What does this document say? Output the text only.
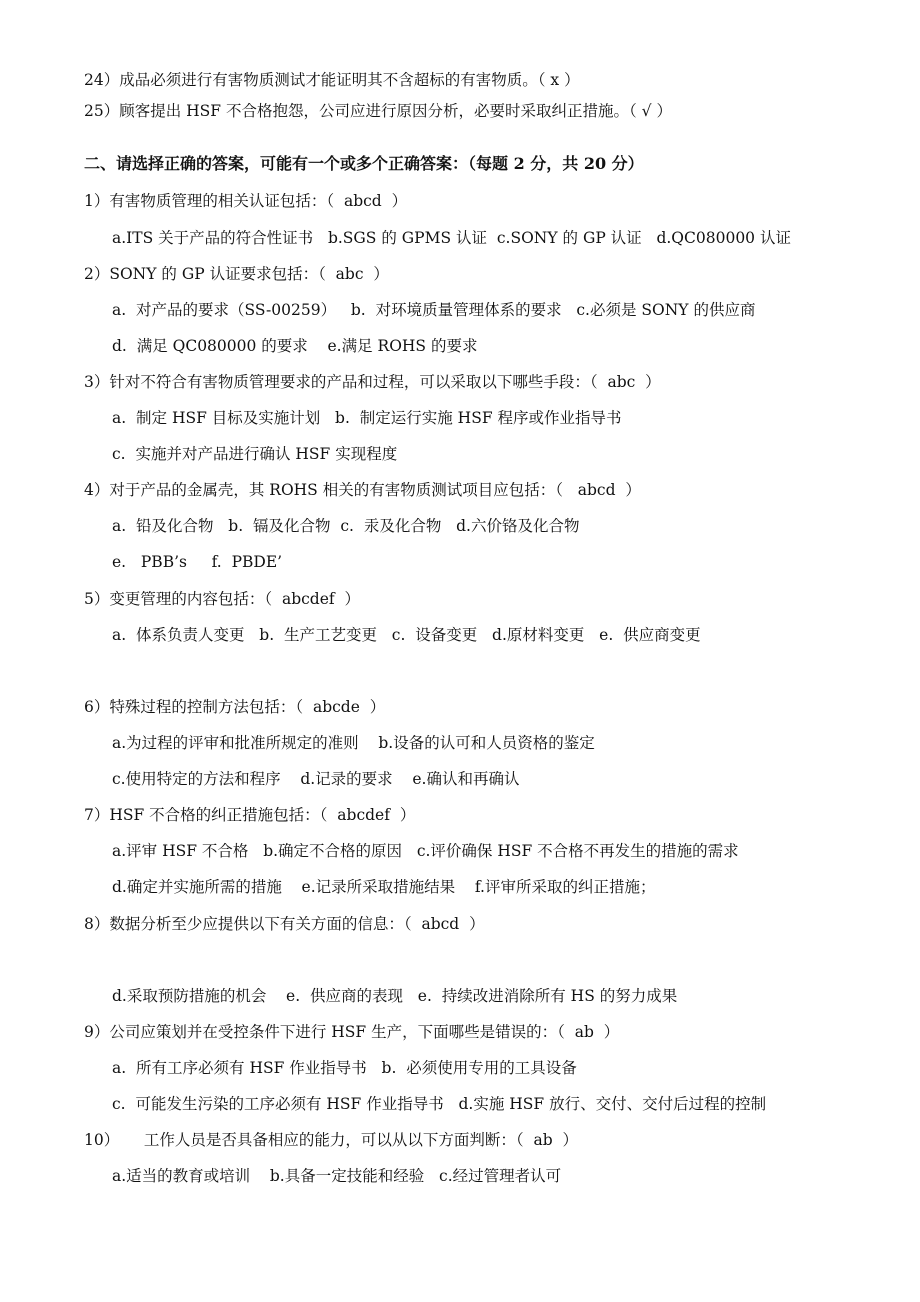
24）成品必须进行有害物质测试才能证明其不含超标的有害物质。（ x ）
25）顾客提出 HSF 不合格抱怨，公司应进行原因分析，必要时采取纠正措施。（ √ ）
二、请选择正确的答案，可能有一个或多个正确答案：（每题 2 分，共 20 分）
1）有害物质管理的相关认证包括：（  abcd  ）
a.ITS 关于产品的符合性证书   b.SGS 的 GPMS 认证  c.SONY 的 GP 认证   d.QC080000 认证
2）SONY 的 GP 认证要求包括：（  abc  ）
a.  对产品的要求（SS-00259）   b.  对环境质量管理体系的要求   c.必须是 SONY 的供应商
d.  满足 QC080000 的要求    e.满足 ROHS 的要求
3）针对不符合有害物质管理要求的产品和过程，可以采取以下哪些手段：（  abc  ）
a.  制定 HSF 目标及实施计划   b.  制定运行实施 HSF 程序或作业指导书
c.  实施并对产品进行确认 HSF 实现程度
4）对于产品的金属壳，其 ROHS 相关的有害物质测试项目应包括：（   abcd  ）
a.  铅及化合物   b.  镉及化合物  c.  汞及化合物   d.六价铬及化合物
e.   PBB’s     f.  PBDE’
5）变更管理的内容包括：（  abcdef  ）
a.  体系负责人变更   b.  生产工艺变更   c.  设备变更   d.原材料变更   e.  供应商变更
6）特殊过程的控制方法包括：（  abcde  ）
a.为过程的评审和批准所规定的准则    b.设备的认可和人员资格的鉴定
c.使用特定的方法和程序    d.记录的要求    e.确认和再确认
7）HSF 不合格的纠正措施包括：（  abcdef  ）
a.评审 HSF 不合格   b.确定不合格的原因   c.评价确保 HSF 不合格不再发生的措施的需求
d.确定并实施所需的措施    e.记录所采取措施结果    f.评审所采取的纠正措施；
8）数据分析至少应提供以下有关方面的信息：（  abcd  ）
d.采取预防措施的机会    e.  供应商的表现   e.  持续改进消除所有 HS 的努力成果
9）公司应策划并在受控条件下进行 HSF 生产，下面哪些是错误的：（  ab  ）
a.  所有工序必须有 HSF 作业指导书   b.  必须使用专用的工具设备
c.  可能发生污染的工序必须有 HSF 作业指导书   d.实施 HSF 放行、交付、交付后过程的控制
10）     工作人员是否具备相应的能力，可以从以下方面判断：（  ab  ）
a.适当的教育或培训    b.具备一定技能和经验   c.经过管理者认可
